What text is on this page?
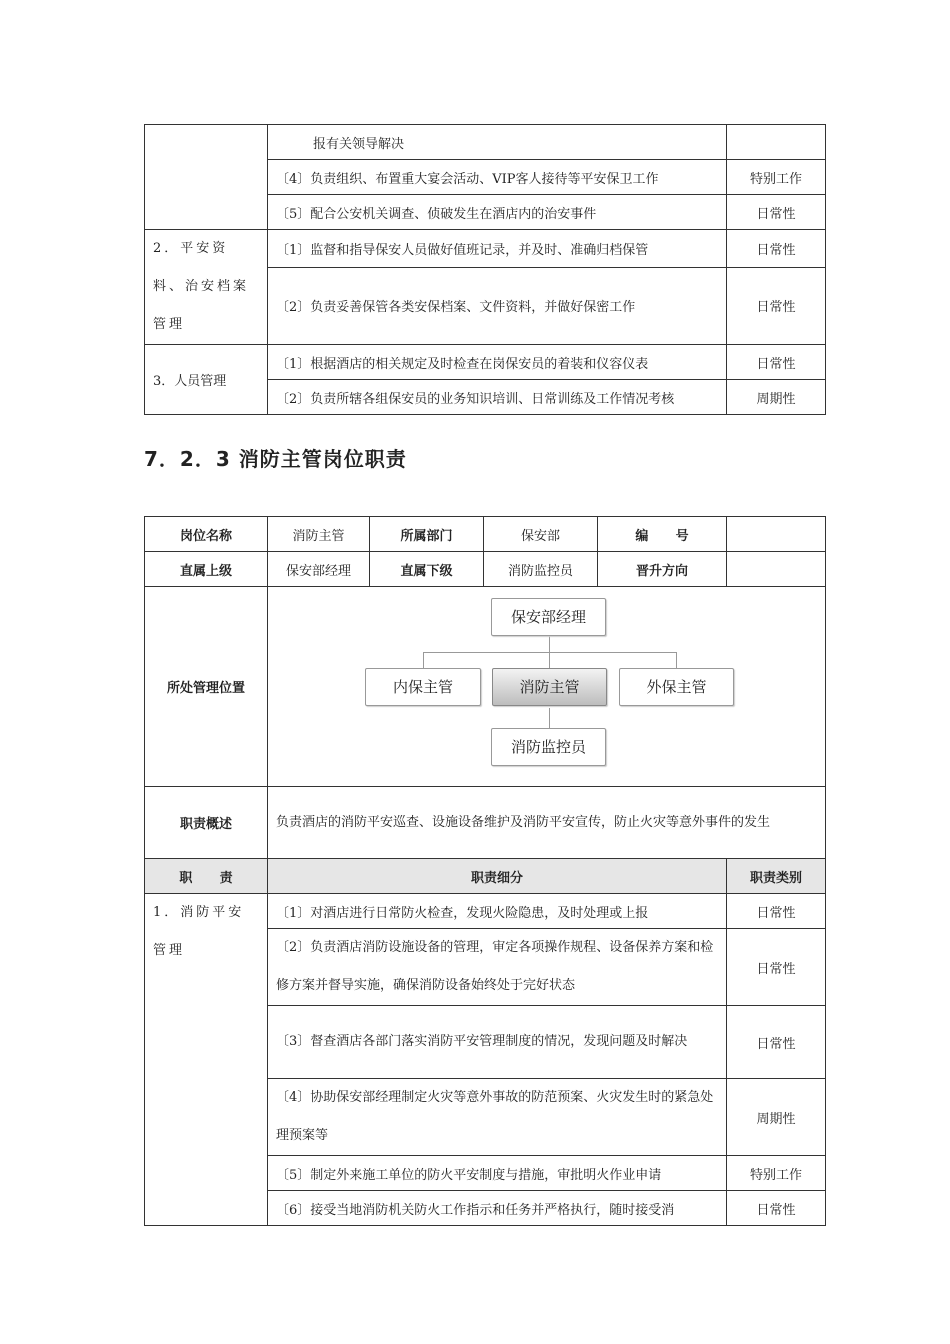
	报有关领导解决	
	〔4〕负责组织、布置重大宴会活动、VIP客人接待等平安保卫工作	特别工作
	〔5〕配合公安机关调查、侦破发生在酒店内的治安事件	日常性
2．平安资料、治安档案管理	〔1〕监督和指导保安人员做好值班记录，并及时、准确归档保管	日常性
	〔2〕负责妥善保管各类安保档案、文件资料，并做好保密工作	日常性
3．人员管理	〔1〕根据酒店的相关规定及时检查在岗保安员的着装和仪容仪表	日常性
	〔2〕负责所辖各组保安员的业务知识培训、日常训练及工作情况考核	周期性
7．2．3 消防主管岗位职责
岗位名称	消防主管	所属部门	保安部	编      号	
直属上级	保安部经理	直属下级	消防监控员	晋升方向	
所处管理位置	保安部经理
内保主管 消防主管 外保主管
消防监控员				

职责概述	负责酒店的消防平安巡查、设施设备维护及消防平安宣传，防止火灾等意外事件的发生				
职      责	职责细分				职责类别
1．消防平安管理	〔1〕对酒店进行日常防火检查，发现火险隐患，及时处理或上报				日常性
	〔2〕负责酒店消防设施设备的管理，审定各项操作规程、设备保养方案和检修方案并督导实施，确保消防设备始终处于完好状态				日常性
	〔3〕督查酒店各部门落实消防平安管理制度的情况，发现问题及时解决				日常性
	〔4〕协助保安部经理制定火灾等意外事故的防范预案、火灾发生时的紧急处理预案等				周期性
	〔5〕制定外来施工单位的防火平安制度与措施，审批明火作业申请				特别工作
	〔6〕接受当地消防机关防火工作指示和任务并严格执行，随时接受消				日常性
